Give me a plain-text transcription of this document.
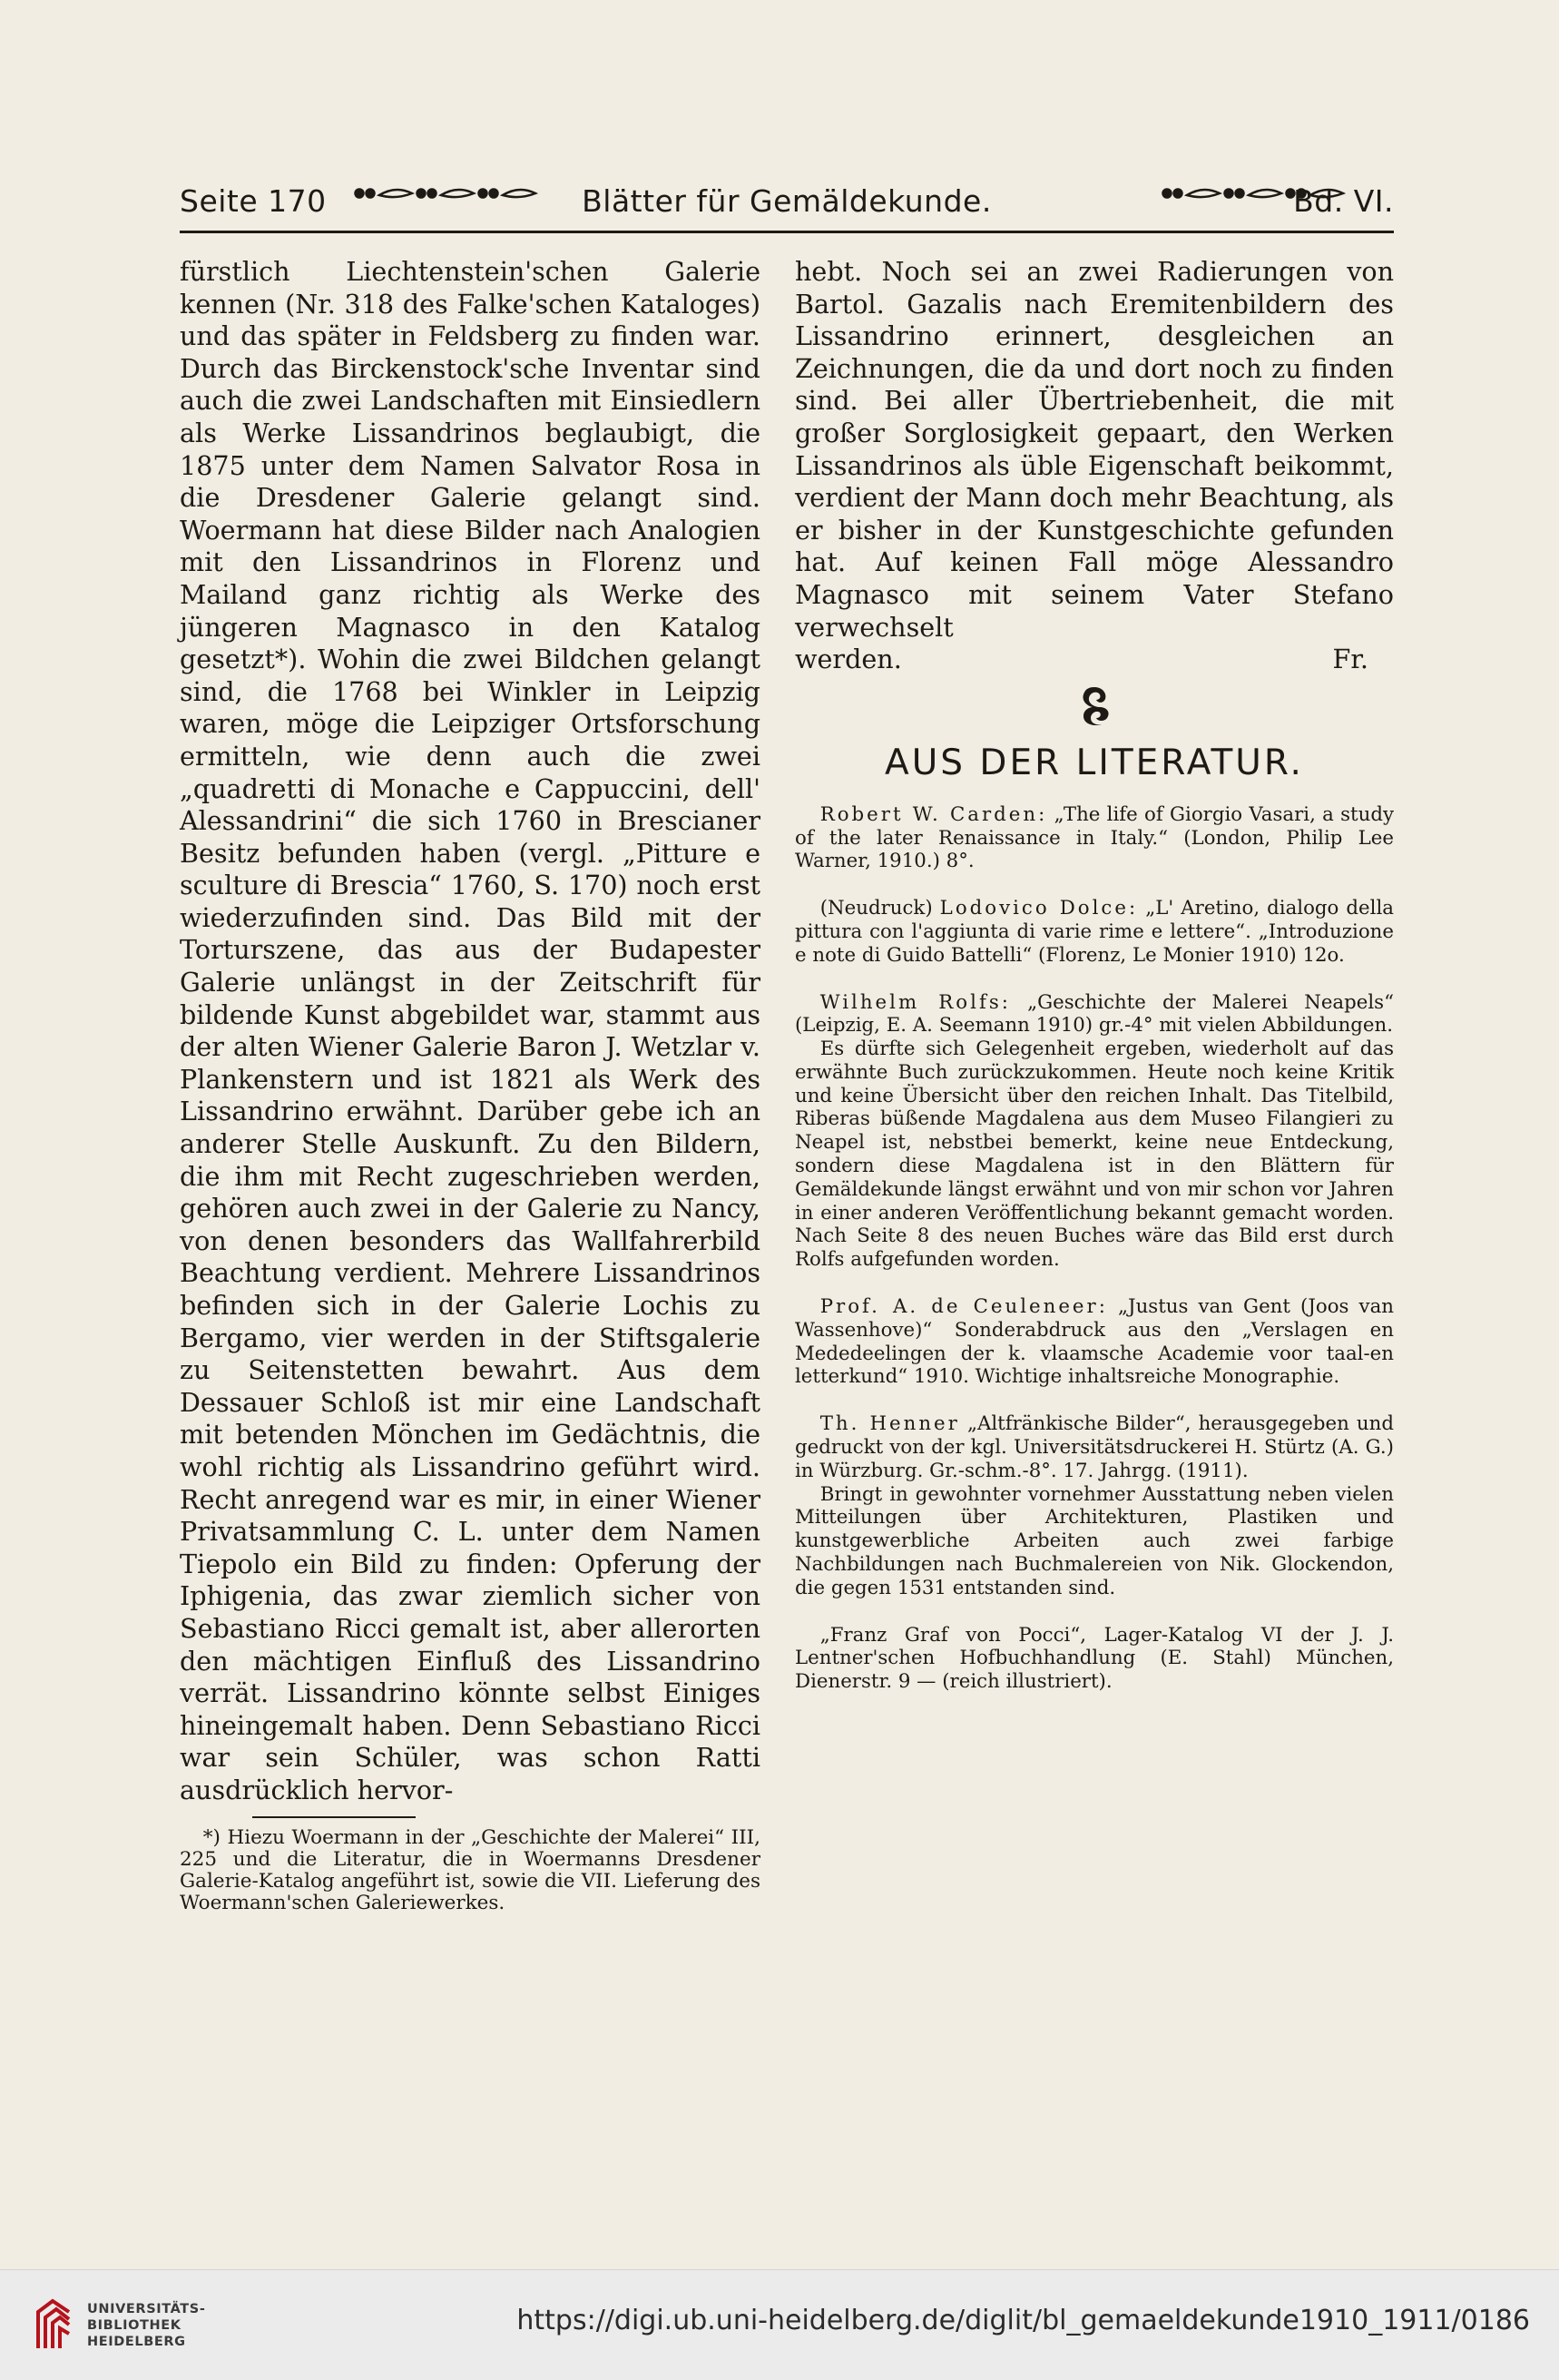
Seite 170	Blätter für Gemäldekunde.	Bd. VI.

fürstlich Liechtenstein'schen Galerie kennen (Nr. 318 des Falke'schen Kataloges) und das später in Feldsberg zu finden war. Durch das Birckenstock'sche Inventar sind auch die zwei Landschaften mit Einsiedlern als Werke Lissandrinos beglaubigt, die 1875 unter dem Namen Salvator Rosa in die Dresdener Galerie gelangt sind. Woermann hat diese Bilder nach Analogien mit den Lissandrinos in Florenz und Mailand ganz richtig als Werke des jüngeren Magnasco in den Katalog gesetzt*). Wohin die zwei Bildchen gelangt sind, die 1768 bei Winkler in Leipzig waren, möge die Leipziger Ortsforschung ermitteln, wie denn auch die zwei „quadretti di Monache e Cappuccini, dell' Alessandrini“ die sich 1760 in Brescianer Besitz befunden haben (vergl. „Pitture e sculture di Brescia“ 1760, S. 170) noch erst wiederzufinden sind. Das Bild mit der Torturszene, das aus der Budapester Galerie unlängst in der Zeitschrift für bildende Kunst abgebildet war, stammt aus der alten Wiener Galerie Baron J. Wetzlar v. Plankenstern und ist 1821 als Werk des Lissandrino erwähnt. Darüber gebe ich an anderer Stelle Auskunft. Zu den Bildern, die ihm mit Recht zugeschrieben werden, gehören auch zwei in der Galerie zu Nancy, von denen besonders das Wallfahrerbild Beachtung verdient. Mehrere Lissandrinos befinden sich in der Galerie Lochis zu Bergamo, vier werden in der Stiftsgalerie zu Seitenstetten bewahrt. Aus dem Dessauer Schloß ist mir eine Landschaft mit betenden Mönchen im Gedächtnis, die wohl richtig als Lissandrino geführt wird. Recht anregend war es mir, in einer Wiener Privatsammlung C. L. unter dem Namen Tiepolo ein Bild zu finden: Opferung der Iphigenia, das zwar ziemlich sicher von Sebastiano Ricci gemalt ist, aber allerorten den mächtigen Einfluß des Lissandrino verrät. Lissandrino könnte selbst Einiges hineingemalt haben. Denn Sebastiano Ricci war sein Schüler, was schon Ratti ausdrücklich hervor-

*) Hiezu Woermann in der „Geschichte der Malerei“ III, 225 und die Literatur, die in Woermanns Dresdener Galerie-Katalog angeführt ist, sowie die VII. Lieferung des Woermann'schen Galeriewerkes.

hebt. Noch sei an zwei Radierungen von Bartol. Gazalis nach Eremitenbildern des Lissandrino erinnert, desgleichen an Zeichnungen, die da und dort noch zu finden sind. Bei aller Übertriebenheit, die mit großer Sorglosigkeit gepaart, den Werken Lissandrinos als üble Eigenschaft beikommt, verdient der Mann doch mehr Beachtung, als er bisher in der Kunstgeschichte gefunden hat. Auf keinen Fall möge Alessandro Magnasco mit seinem Vater Stefano verwechselt

werden.	Fr.
AUS DER LITERATUR.

Robert W. Carden: „The life of Giorgio Vasari, a study of the later Renaissance in Italy.“ (London, Philip Lee Warner, 1910.) 8°.

(Neudruck) Lodovico Dolce: „L' Aretino, dialogo della pittura con l'aggiunta di varie rime e lettere“. „Introduzione e note di Guido Battelli“ (Florenz, Le Monier 1910) 12o.

Wilhelm Rolfs: „Geschichte der Malerei Neapels“ (Leipzig, E. A. Seemann 1910) gr.-4° mit vielen Abbildungen.

Es dürfte sich Gelegenheit ergeben, wiederholt auf das erwähnte Buch zurückzukommen. Heute noch keine Kritik und keine Übersicht über den reichen Inhalt. Das Titelbild, Riberas büßende Magdalena aus dem Museo Filangieri zu Neapel ist, nebstbei bemerkt, keine neue Entdeckung, sondern diese Magdalena ist in den Blättern für Gemäldekunde längst erwähnt und von mir schon vor Jahren in einer anderen Veröffentlichung bekannt gemacht worden. Nach Seite 8 des neuen Buches wäre das Bild erst durch Rolfs aufgefunden worden.

Prof. A. de Ceuleneer: „Justus van Gent (Joos van Wassenhove)“ Sonderabdruck aus den „Verslagen en Mededeelingen der k. vlaamsche Academie voor taal-en letterkund“ 1910. Wichtige inhaltsreiche Monographie.

Th. Henner „Altfränkische Bilder“, herausgegeben und gedruckt von der kgl. Universitätsdruckerei H. Stürtz (A. G.) in Würzburg. Gr.-schm.-8°. 17. Jahrgg. (1911).

Bringt in gewohnter vornehmer Ausstattung neben vielen Mitteilungen über Architekturen, Plastiken und kunstgewerbliche Arbeiten auch zwei farbige Nachbildungen nach Buchmalereien von Nik. Glockendon, die gegen 1531 entstanden sind.

„Franz Graf von Pocci“, Lager-Katalog VI der J. J. Lentner'schen Hofbuchhandlung (E. Stahl) München, Dienerstr. 9 — (reich illustriert).

UNIVERSITÄTS-
BIBLIOTHEK
HEIDELBERG
https://digi.ub.uni-heidelberg.de/diglit/bl_gemaeldekunde1910_1911/0186
